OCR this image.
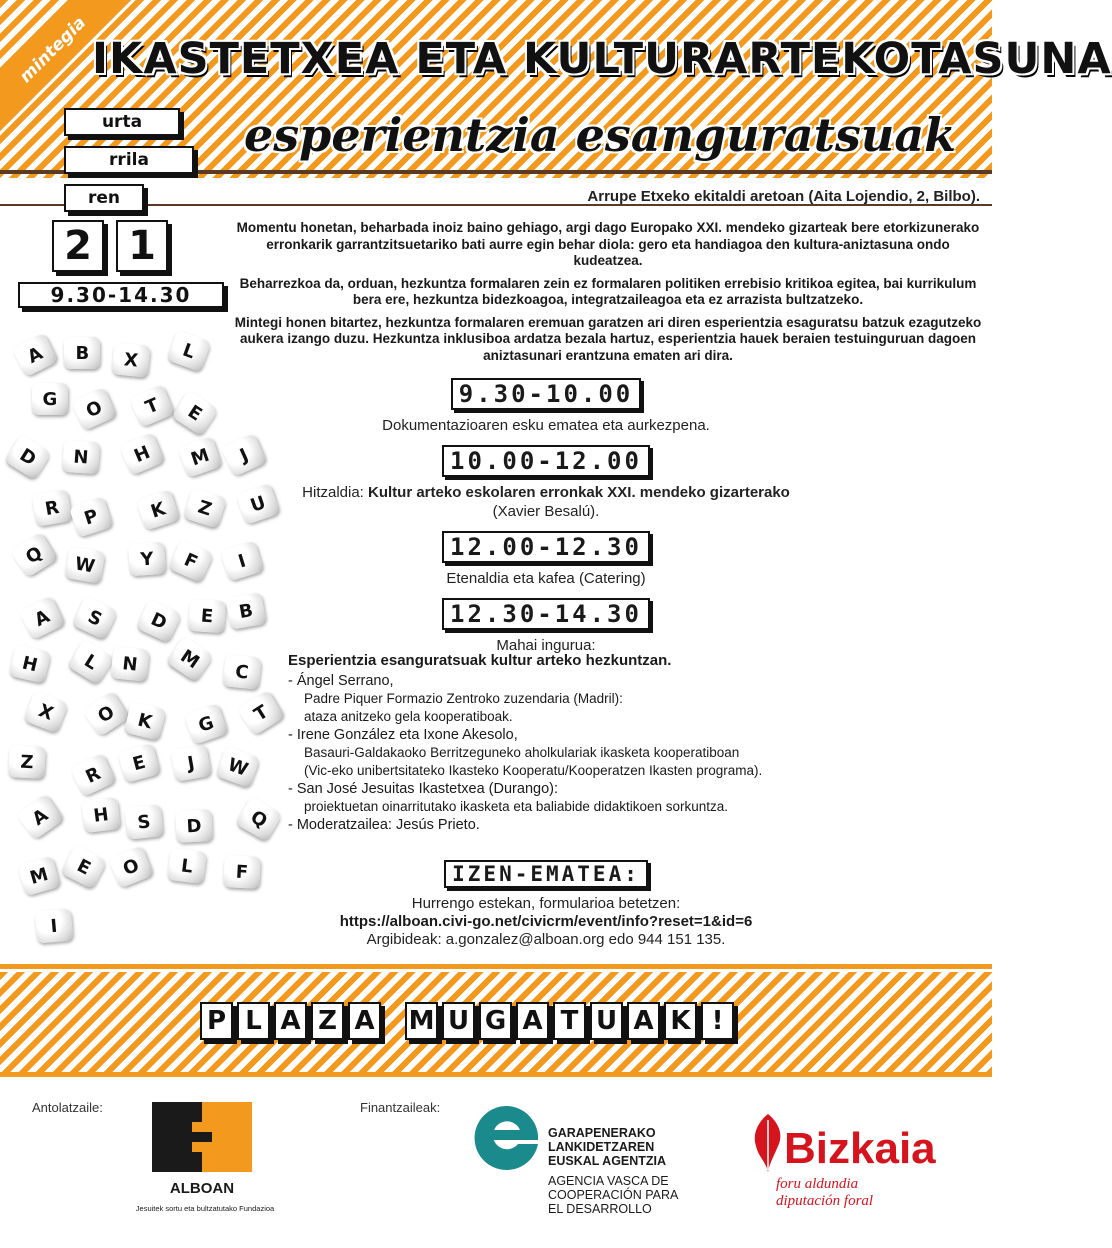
mintegia IKASTETXEA ETA KULTURARTEKOTASUNA
esperientzia esanguratsuak
urta
rrila
ren
2 1
9.30-14.30
Arrupe Etxeko ekitaldi aretoan (Aita Lojendio, 2, Bilbo).

Momentu honetan, beharbada inoiz baino gehiago, argi dago Europako XXI. mendeko gizarteak bere etorkizunerako erronkarik garrantzitsuetariko bati aurre egin behar diola: gero eta handiagoa den kultura-aniztasuna ondo kudeatzea.

Beharrezkoa da, orduan, hezkuntza formalaren zein ez formalaren politiken errebisio kritikoa egitea, bai kurrikulum bera ere, hezkuntza bidezkoagoa, integratzaileagoa eta ez arrazista bultzatzeko.

Mintegi honen bitartez, hezkuntza formalaren eremuan garatzen ari diren esperientzia esaguratsu batzuk ezagutzeko aukera izango duzu. Hezkuntza inklusiboa ardatza bezala hartuz, esperientzia hauek beraien testuinguruan dagoen aniztasunari erantzuna ematen ari dira.

A	B	X	L
G	O	T	E
D	N	H	M	J
R	P	K	Z	U
Q	W	Y	F	I
A	S	D	E	B
H	L	N	M	C
X	O K	G	T
Z
R
E	J	W
A	H	S	D	Q
M	E	O	L	F
I
9.30-10.00
Dokumentazioaren esku ematea eta aurkezpena.
10.00-12.00
Hitzaldia: Kultur arteko eskolaren erronkak XXI. mendeko gizarterako
(Xavier Besalú).
12.00-12.30
Etenaldia eta kafea (Catering)
12.30-14.30
Mahai ingurua:
Esperientzia esanguratsuak kultur arteko hezkuntzan.
- Ángel Serrano,
Padre Piquer Formazio Zentroko zuzendaria (Madril):
ataza anitzeko gela kooperatiboak.
- Irene González eta Ixone Akesolo,
Basauri-Galdakaoko Berritzeguneko aholkulariak ikasketa kooperatiboan
(Vic-eko unibertsitateko Ikasteko Kooperatu/Kooperatzen Ikasten programa).
- San José Jesuitas Ikastetxea (Durango):
proiektuetan oinarritutako ikasketa eta baliabide didaktikoen sorkuntza.
- Moderatzailea: Jesús Prieto.
IZEN-EMATEA:
Hurrengo estekan, formularioa betetzen:
https://alboan.civi-go.net/civicrm/event/info?reset=1&id=6
Argibideak: a.gonzalez@alboan.org edo 944 151 135.
P L A Z A M U G A T U A K !
Antolatzaile:	Finantzaileak:
ALBOAN
Jesuitek sortu eta bultzatutako Fundazioa
GARAPENERAKO
LANKIDETZAREN
EUSKAL AGENTZIA
AGENCIA VASCA DE
COOPERACIÓN PARA
EL DESARROLLO
Bizkaia
foru aldundia
diputación foral
